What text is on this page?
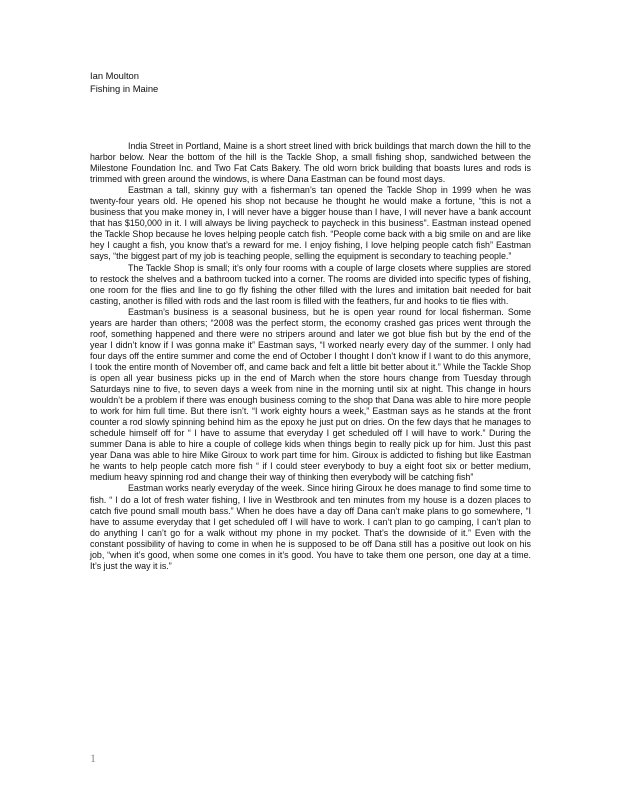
Ian Moulton
Fishing in Maine

India Street in Portland, Maine is a short street lined with brick buildings that march down the hill to the harbor below. Near the bottom of the hill is the Tackle Shop, a small fishing shop, sandwiched between the Milestone Foundation Inc. and Two Fat Cats Bakery. The old worn brick building that boasts lures and rods is trimmed with green around the windows, is where Dana Eastman can be found most days.

Eastman a tall, skinny guy with a fisherman’s tan opened the Tackle Shop in 1999 when he was twenty-four years old. He opened his shop not because he thought he would make a fortune, “this is not a business that you make money in, I will never have a bigger house than I have, I will never have a bank account that has $150,000 in it. I will always be living paycheck to paycheck in this business”. Eastman instead opened the Tackle Shop because he loves helping people catch fish. “People come back with a big smile on and are like hey I caught a fish, you know that’s a reward for me. I enjoy fishing, I love helping people catch fish” Eastman says, “the biggest part of my job is teaching people, selling the equipment is secondary to teaching people.”

The Tackle Shop is small; it’s only four rooms with a couple of large closets where supplies are stored to restock the shelves and a bathroom tucked into a corner. The rooms are divided into specific types of fishing, one room for the flies and line to go fly fishing the other filled with the lures and imitation bait needed for bait casting, another is filled with rods and the last room is filled with the feathers, fur and hooks to tie flies with.

Eastman’s business is a seasonal business, but he is open year round for local fisherman. Some years are harder than others; “2008 was the perfect storm, the economy crashed gas prices went through the roof, something happened and there were no stripers around and later we got blue fish but by the end of the year I didn’t know if I was gonna make it” Eastman says, “I worked nearly every day of the summer. I only had four days off the entire summer and come the end of October I thought I don’t know if I want to do this anymore, I took the entire month of November off, and came back and felt a little bit better about it.” While the Tackle Shop is open all year business picks up in the end of March when the store hours change from Tuesday through Saturdays nine to five, to seven days a week from nine in the morning until six at night. This change in hours wouldn’t be a problem if there was enough business coming to the shop that Dana was able to hire more people to work for him full time. But there isn’t. “I work eighty hours a week,” Eastman says as he stands at the front counter a rod slowly spinning behind him as the epoxy he just put on dries. On the few days that he manages to schedule himself off for “ I have to assume that everyday I get scheduled off I will have to work.” During the summer Dana is able to hire a couple of college kids when things begin to really pick up for him. Just this past year Dana was able to hire Mike Giroux to work part time for him. Giroux is addicted to fishing but like Eastman he wants to help people catch more fish “ if I could steer everybody to buy a eight foot six or better medium, medium heavy spinning rod and change their way of thinking then everybody will be catching fish”

Eastman works nearly everyday of the week. Since hiring Giroux he does manage to find some time to fish. “ I do a lot of fresh water fishing, I live in Westbrook and ten minutes from my house is a dozen places to catch five pound small mouth bass.” When he does have a day off Dana can’t make plans to go somewhere, “I have to assume everyday that I get scheduled off I will have to work. I can’t plan to go camping, I can’t plan to do anything I can’t go for a walk without my phone in my pocket. That’s the downside of it.” Even with the constant possibility of having to come in when he is supposed to be off Dana still has a positive out look on his job, “when it’s good, when some one comes in it’s good. You have to take them one person, one day at a time. It’s just the way it is.”

1
